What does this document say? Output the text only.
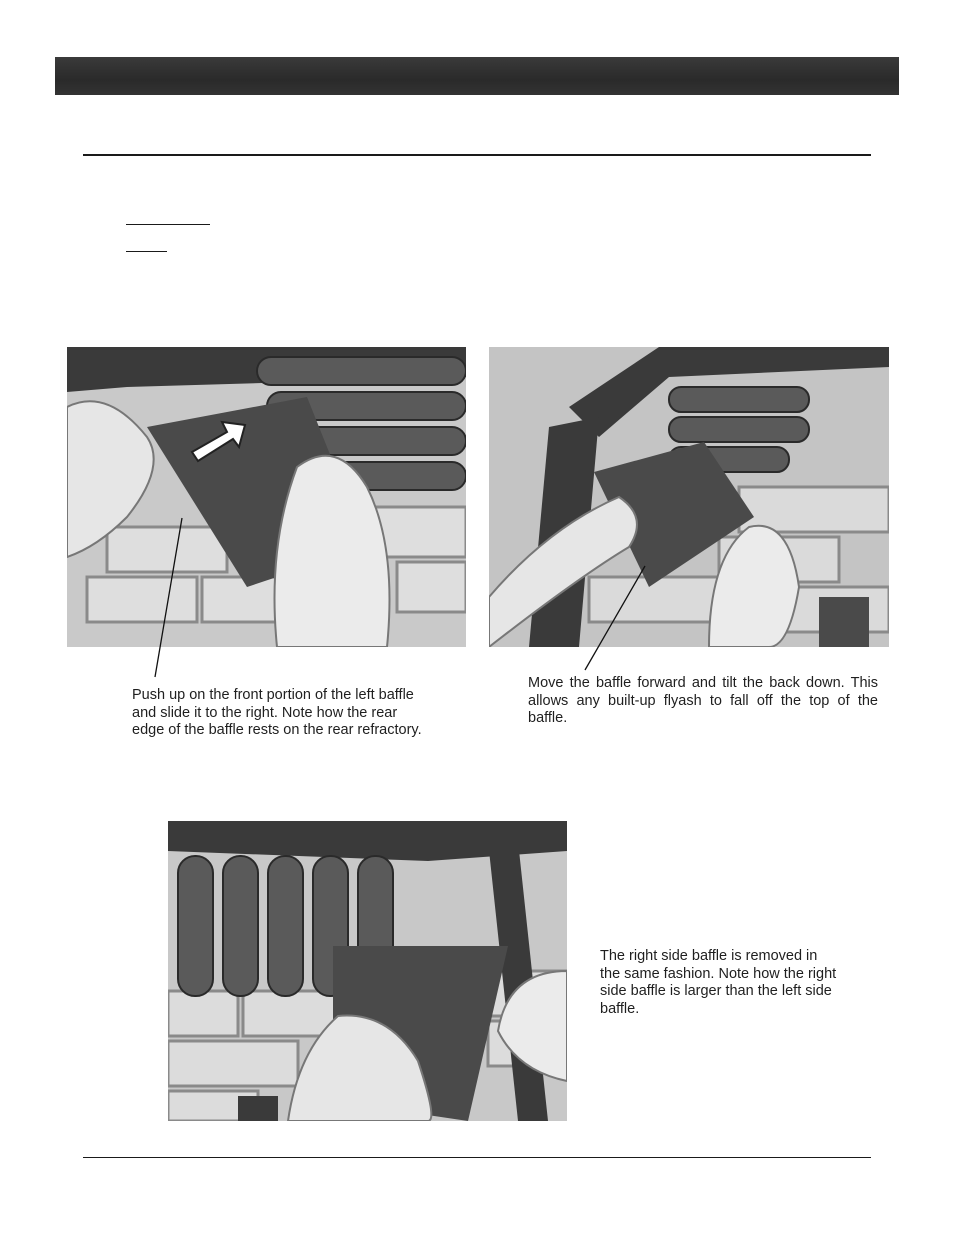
Push up on the front portion of the left baffle and slide it to the right. Note how the rear edge of the baffle rests on the rear refractory.

Move the baffle forward and tilt the back down. This allows any built-up flyash to fall off the top of the baffle.

The right side baffle is removed in the same fashion. Note how the right side baffle is larger than the left side baffle.
